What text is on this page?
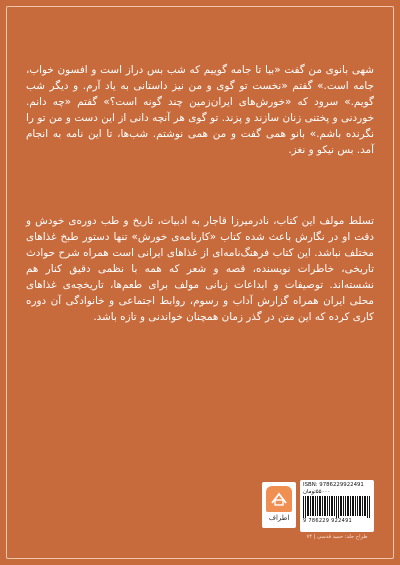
شهی بانوی من گفت «بیا تا جامه گوییم که شب بس دراز است و افسون خواب، جامه است.» گفتم «نخست تو گوی و من نیز داستانی به یاد آرم. و دیگر شب گویم.» سرود که «خورش‌های ایران‌زمین چند گونه است؟» گفتم «چه دانم. خوردنی و پختنی زنان سازند و پزند. تو گوی هر آنچه دانی از این دست و من تو را نگرنده باشم.» بانو همی گفت و من همی نوشتم. شب‌ها، تا این نامه به انجام آمد. بس نیکو و نغز.

تسلط مولف این کتاب، نادرمیرزا قاجار به ادبیات، تاریخ و طب دوره‌ی خودش و دقت او در نگارش باعث شده کتاب «کارنامه‌ی خورش» تنها دستور طبخ غذاهای مختلف نباشد. این کتاب فرهنگ‌نامه‌ای از غذاهای ایرانی است همراه شرح حوادث تاریخی، خاطرات نویسنده، قصه و شعر که همه با نظمی دقیق کنار هم نشسته‌اند. توصیفات و ابداعات زبانی مولف برای طعم‌ها، تاریخچه‌ی غذاهای محلی ایران همراه گزارش آداب و رسوم، روابط اجتماعی و خانوادگی آن دوره کاری کرده که این متن در گذر زمان همچنان خواندنی و تازه باشد.

اطراف
ISBN: 9786229922491
۵۵۰۰۰تومان
9 786229 922491
طراح جلد: حمید قدسی | ۷۴
